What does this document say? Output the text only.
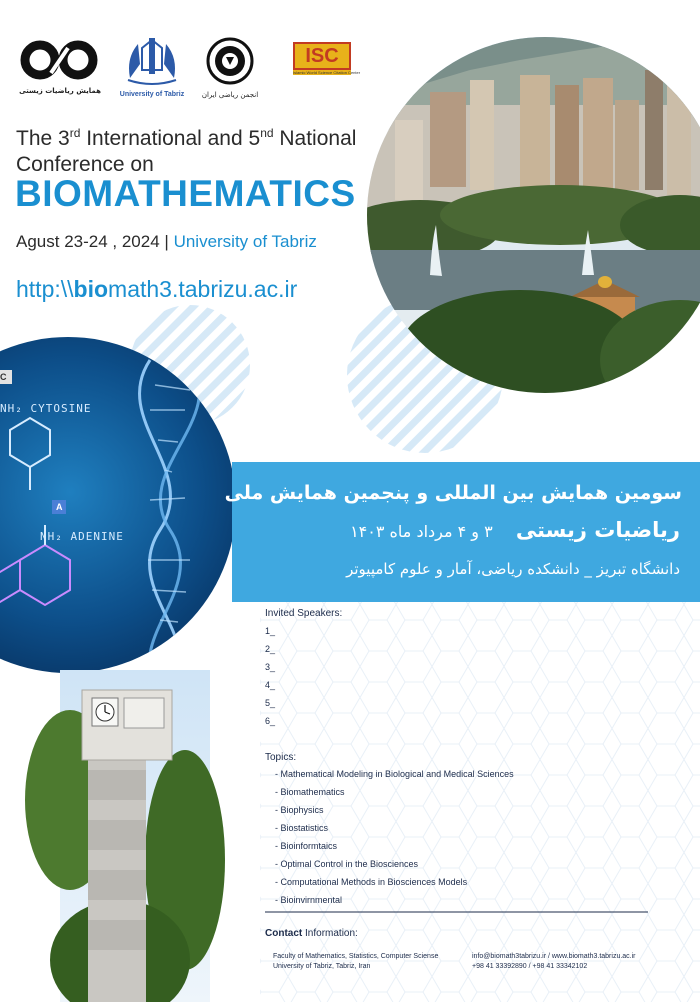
همایش ریاضیات زیستی	University of Tabriz	انجمن ریاضی ایران
ISC
Islamic World Science Citation Center
The 3rd International and 5nd National
Conference on
BIOMATHEMATICS
Agust 23-24 , 2024 | University of Tabriz
http:\\biomath3.tabrizu.ac.ir
NH₂ CYTOSINE
NH₂ ADENINE
A
C
سومین همایش بین المللی و پنجمین همایش ملی
ریاضیات زیستی ۳ و ۴ مرداد ماه ۱۴۰۳
دانشگاه تبریز _ دانشکده ریاضی، آمار و علوم کامپیوتر
Invited Speakers:
1_
2_
3_
4_
5_
6_
Topics:
- Mathematical Modeling in Biological and Medical Sciences
- Biomathematics
- Biophysics
- Biostatistics
- Bioinformtaics
- Optimal Control in the Biosciences
- Computational Methods in Biosciences Models
- Bioinvirnmental
Contact Information:
Faculty of Mathematics, Statistics, Computer Sciense
University of Tabriz, Tabriz, Iran
info@biomath3tabrizu.ir / www.biomath3.tabrizu.ac.ir
+98 41 33392890 / +98 41 33342102
